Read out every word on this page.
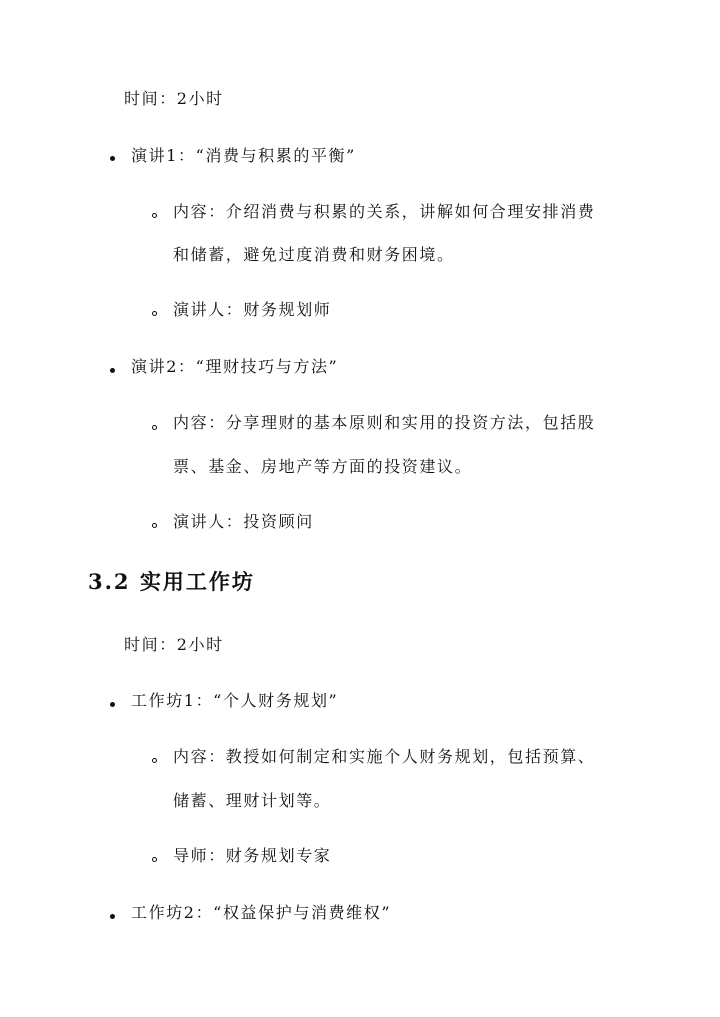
时间：2小时
演讲1：“消费与积累的平衡”
内容：介绍消费与积累的关系，讲解如何合理安排消费
和储蓄，避免过度消费和财务困境。
演讲人：财务规划师
演讲2：“理财技巧与方法”
内容：分享理财的基本原则和实用的投资方法，包括股
票、基金、房地产等方面的投资建议。
演讲人：投资顾问
3.2 实用工作坊
时间：2小时
工作坊1：“个人财务规划”
内容：教授如何制定和实施个人财务规划，包括预算、
储蓄、理财计划等。
导师：财务规划专家
工作坊2：“权益保护与消费维权”
